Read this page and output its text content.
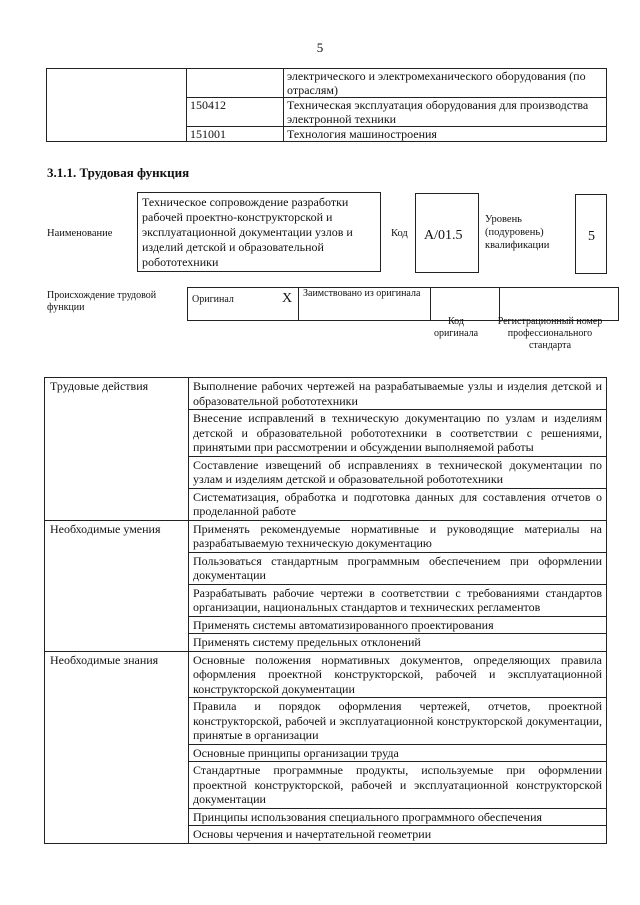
5
		электрического и электромеханического оборудования (по отраслям)
	150412	Техническая эксплуатация оборудования для производства электронной техники
	151001	Технология машиностроения
3.1.1. Трудовая функция
Наименование
Техническое сопровождение разработки рабочей проектно-конструкторской и эксплуатационной документации узлов и изделий детской и образовательной робототехники
Код А/01.5
Уровень (подуровень) квалификации
5
Происхождение трудовой функции
Оригинал	X	Заимствовано из оригинала		
Код оригинала
Регистрационный номер профессионального стандарта
Трудовые действия	Выполнение рабочих чертежей на разрабатываемые узлы и изделия детской и образовательной робототехники
	Внесение исправлений в техническую документацию по узлам и изделиям детской и образовательной робототехники в соответствии с решениями, принятыми при рассмотрении и обсуждении выполняемой работы
	Составление извещений об исправлениях в технической документации по узлам и изделиям детской и образовательной робототехники
	Систематизация, обработка и подготовка данных для составления отчетов о проделанной работе
Необходимые умения	Применять рекомендуемые нормативные и руководящие материалы на разрабатываемую техническую документацию
	Пользоваться стандартным программным обеспечением при оформлении документации
	Разрабатывать рабочие чертежи в соответствии с требованиями стандартов организации, национальных стандартов и технических регламентов
	Применять системы автоматизированного проектирования
	Применять систему предельных отклонений
Необходимые знания	Основные положения нормативных документов, определяющих правила оформления проектной конструкторской, рабочей и эксплуатационной конструкторской документации
	Правила и порядок оформления чертежей, отчетов, проектной конструкторской, рабочей и эксплуатационной конструкторской документации, принятые в организации
	Основные принципы организации труда
	Стандартные программные продукты, используемые при оформлении проектной конструкторской, рабочей и эксплуатационной конструкторской документации
	Принципы использования специального программного обеспечения
	Основы черчения и начертательной геометрии
